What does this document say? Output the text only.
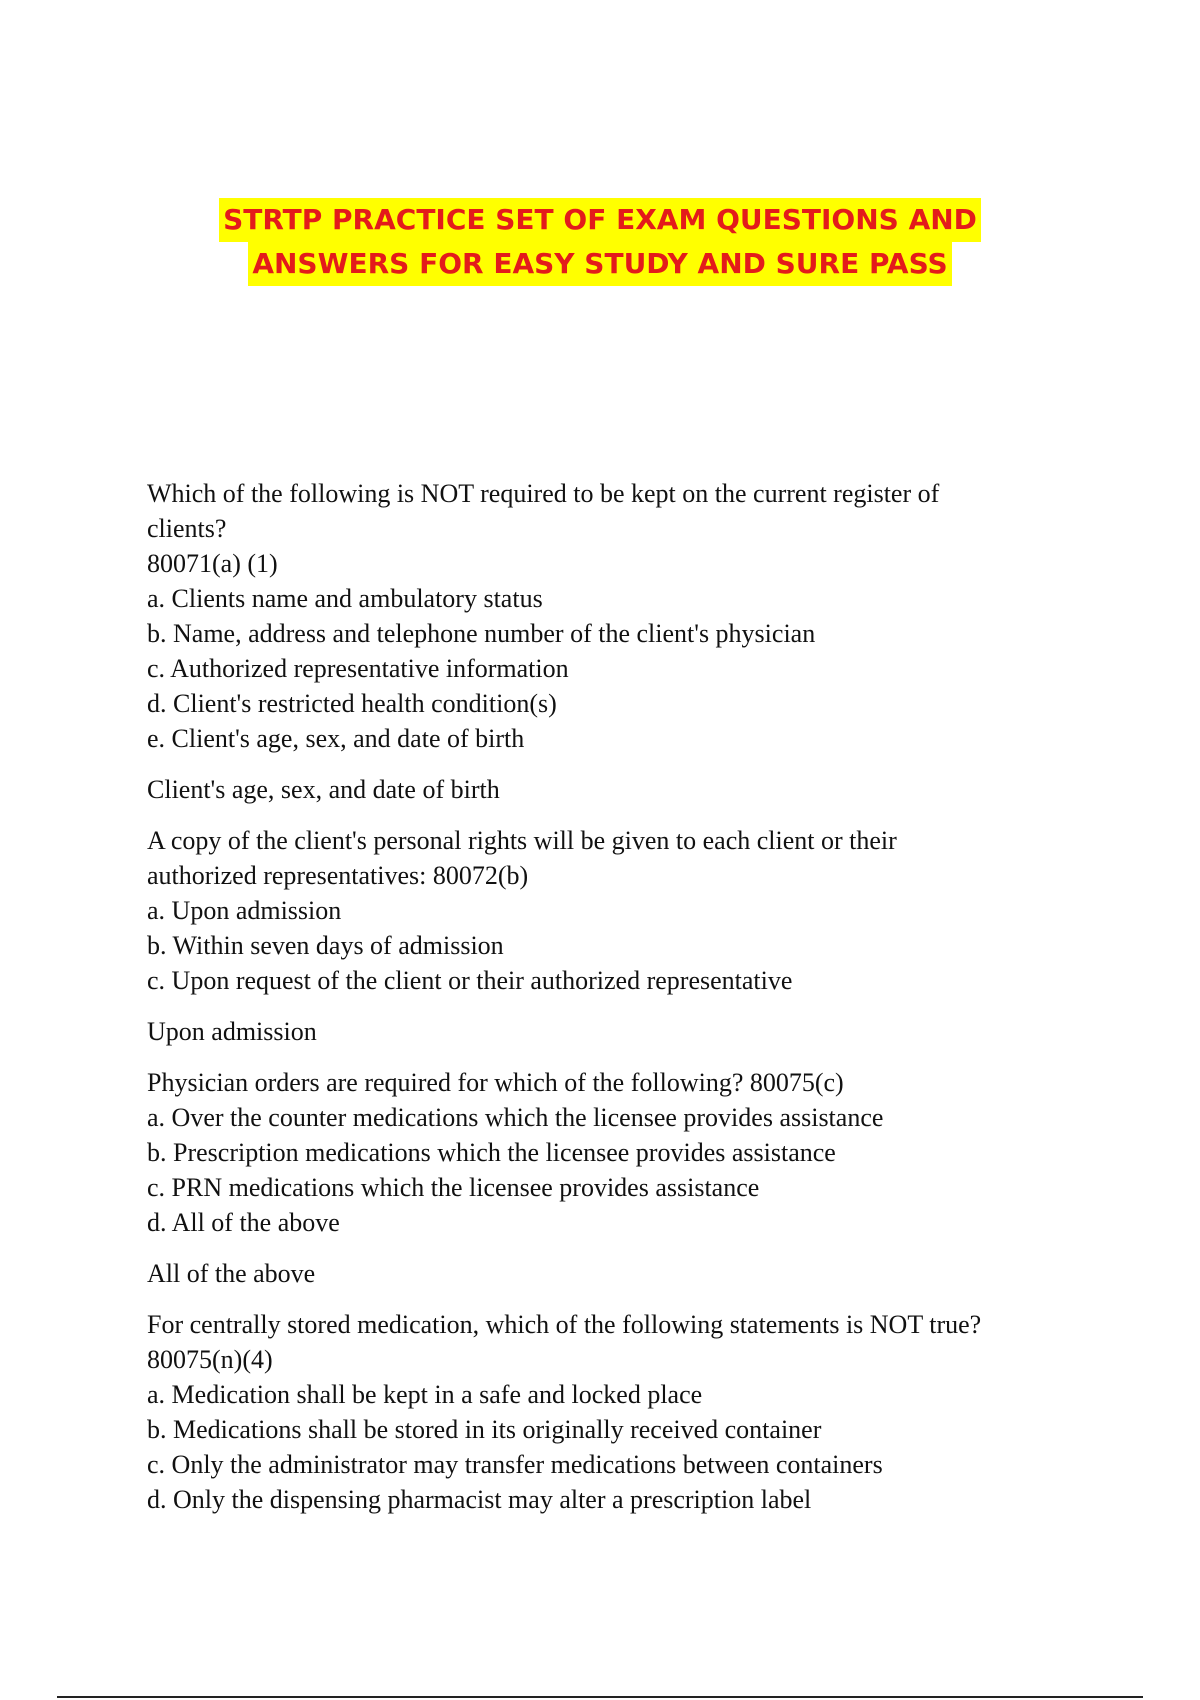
STRTP PRACTICE SET OF EXAM QUESTIONS AND
ANSWERS FOR EASY STUDY AND SURE PASS
Which of the following is NOT required to be kept on the current register of
clients?
80071(a) (1)
a. Clients name and ambulatory status
b. Name, address and telephone number of the client's physician
c. Authorized representative information
d. Client's restricted health condition(s)
e. Client's age, sex, and date of birth
Client's age, sex, and date of birth
A copy of the client's personal rights will be given to each client or their
authorized representatives: 80072(b)
a. Upon admission
b. Within seven days of admission
c. Upon request of the client or their authorized representative
Upon admission
Physician orders are required for which of the following? 80075(c)
a. Over the counter medications which the licensee provides assistance
b. Prescription medications which the licensee provides assistance
c. PRN medications which the licensee provides assistance
d. All of the above
All of the above
For centrally stored medication, which of the following statements is NOT true?
80075(n)(4)
a. Medication shall be kept in a safe and locked place
b. Medications shall be stored in its originally received container
c. Only the administrator may transfer medications between containers
d. Only the dispensing pharmacist may alter a prescription label
